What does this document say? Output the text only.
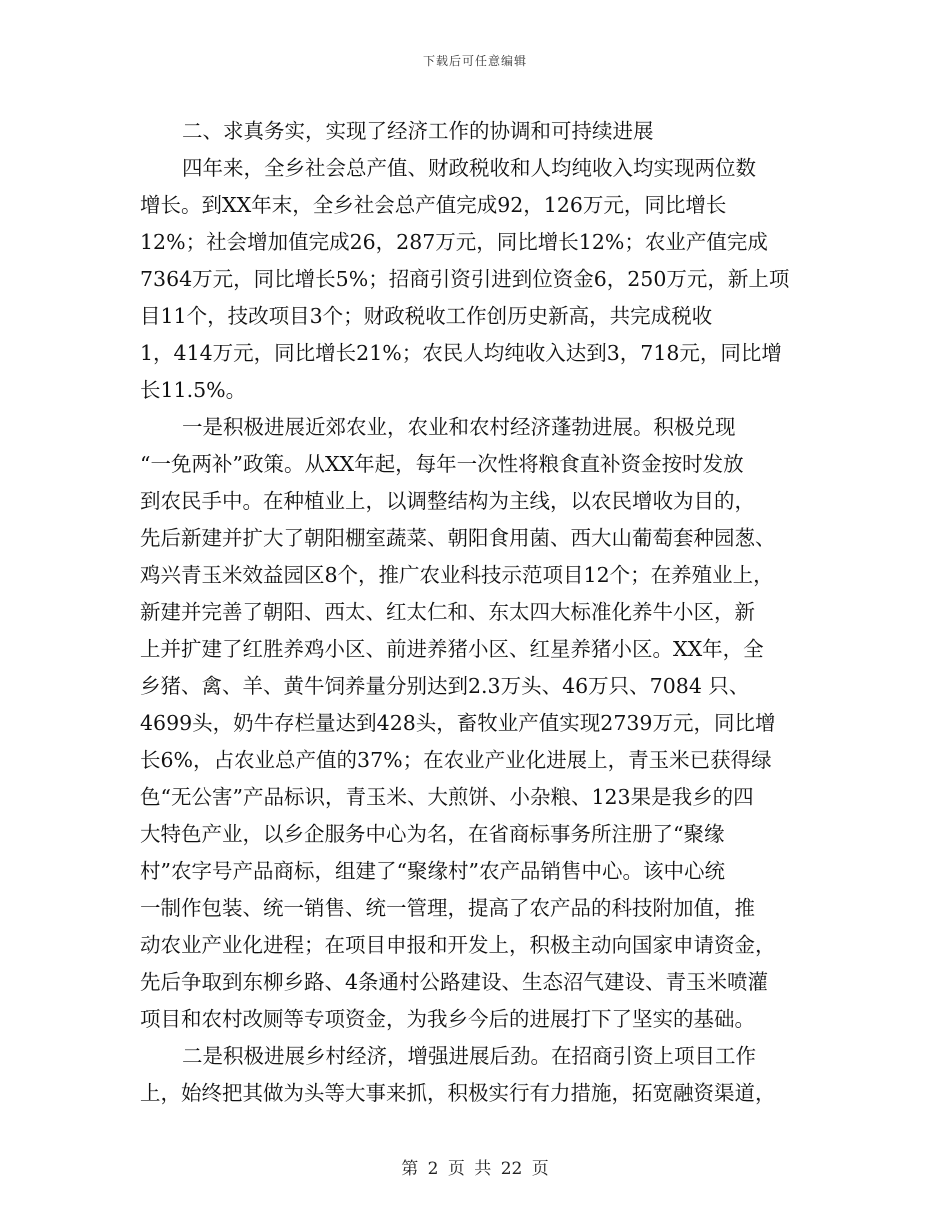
下载后可任意编辑
二、求真务实，实现了经济工作的协调和可持续进展
四年来，全乡社会总产值、财政税收和人均纯收入均实现两位数
增长。到XX年末，全乡社会总产值完成92，126万元，同比增长
12%；社会增加值完成26，287万元，同比增长12%；农业产值完成
7364万元，同比增长5%；招商引资引进到位资金6，250万元，新上项
目11个，技改项目3个；财政税收工作创历史新高，共完成税收
1，414万元，同比增长21%；农民人均纯收入达到3，718元，同比增
长11.5%。
一是积极进展近郊农业，农业和农村经济蓬勃进展。积极兑现
“一免两补”政策。从XX年起，每年一次性将粮食直补资金按时发放
到农民手中。在种植业上，以调整结构为主线，以农民增收为目的，
先后新建并扩大了朝阳棚室蔬菜、朝阳食用菌、西大山葡萄套种园葱、
鸡兴青玉米效益园区8个，推广农业科技示范项目12个；在养殖业上，
新建并完善了朝阳、西太、红太仁和、东太四大标准化养牛小区，新
上并扩建了红胜养鸡小区、前进养猪小区、红星养猪小区。XX年，全
乡猪、禽、羊、黄牛饲养量分别达到2.3万头、46万只、7084 只、
4699头，奶牛存栏量达到428头，畜牧业产值实现2739万元，同比增
长6%，占农业总产值的37%；在农业产业化进展上，青玉米已获得绿
色“无公害”产品标识，青玉米、大煎饼、小杂粮、123果是我乡的四
大特色产业，以乡企服务中心为名，在省商标事务所注册了“聚缘
村”农字号产品商标，组建了“聚缘村”农产品销售中心。该中心统
一制作包装、统一销售、统一管理，提高了农产品的科技附加值，推
动农业产业化进程；在项目申报和开发上，积极主动向国家申请资金，
先后争取到东柳乡路、4条通村公路建设、生态沼气建设、青玉米喷灌
项目和农村改厕等专项资金，为我乡今后的进展打下了坚实的基础。
二是积极进展乡村经济，增强进展后劲。在招商引资上项目工作
上，始终把其做为头等大事来抓，积极实行有力措施，拓宽融资渠道，
第 2 页 共 22 页
